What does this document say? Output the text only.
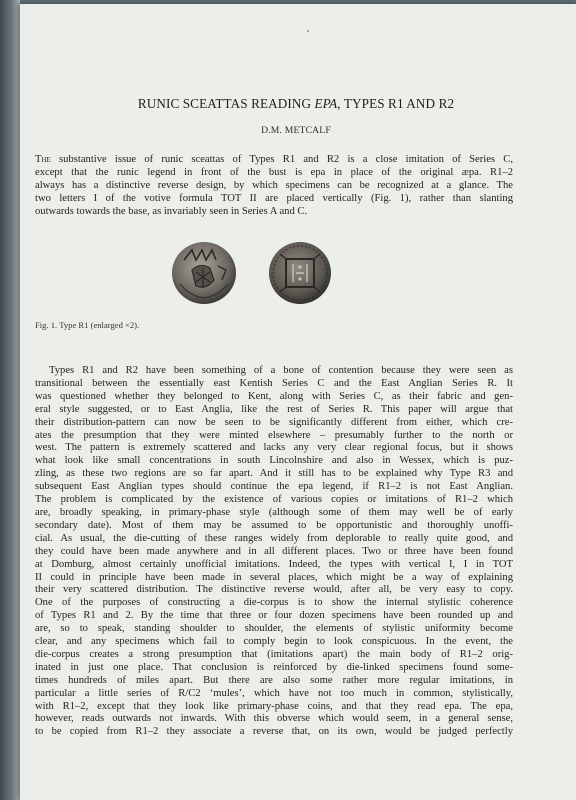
RUNIC SCEATTAS READING EPA, TYPES R1 AND R2
D.M. METCALF
The substantive issue of runic sceattas of Types R1 and R2 is a close imitation of Series C,
except that the runic legend in front of the bust is epa in place of the original æpa. R1–2
always has a distinctive reverse design, by which specimens can be recognized at a glance. The
two letters I of the votive formula TOT II are placed vertically (Fig. 1), rather than slanting
outwards towards the base, as invariably seen in Series A and C.
Fig. 1. Type R1 (enlarged ×2).
Types R1 and R2 have been something of a bone of contention because they were seen as
transitional between the essentially east Kentish Series C and the East Anglian Series R. It
was questioned whether they belonged to Kent, along with Series C, as their fabric and gen-
eral style suggested, or to East Anglia, like the rest of Series R. This paper will argue that
their distribution-pattern can now be seen to be significantly different from either, which cre-
ates the presumption that they were minted elsewhere – presumably further to the north or
west. The pattern is extremely scattered and lacks any very clear regional focus, but it shows
what look like small concentrations in south Lincolnshire and also in Wessex, which is puz-
zling, as these two regions are so far apart. And it still has to be explained why Type R3 and
subsequent East Anglian types should continue the epa legend, if R1–2 is not East Anglian.
The problem is complicated by the existence of various copies or imitations of R1–2 which
are, broadly speaking, in primary-phase style (although some of them may well be of early
secondary date). Most of them may be assumed to be opportunistic and thoroughly unoffi-
cial. As usual, the die-cutting of these ranges widely from deplorable to really quite good, and
they could have been made anywhere and in all different places. Two or three have been found
at Domburg, almost certainly unofficial imitations. Indeed, the types with vertical I, I in TOT
II could in principle have been made in several places, which might be a way of explaining
their very scattered distribution. The distinctive reverse would, after all, be very easy to copy.
One of the purposes of constructing a die-corpus is to show the internal stylistic coherence
of Types R1 and 2. By the time that three or four dozen specimens have been rounded up and
are, so to speak, standing shoulder to shoulder, the elements of stylistic uniformity become
clear, and any specimens which fail to comply begin to look conspicuous. In the event, the
die-corpus creates a strong presumption that (imitations apart) the main body of R1–2 orig-
inated in just one place. That conclusion is reinforced by die-linked specimens found some-
times hundreds of miles apart. But there are also some rather more regular imitations, in
particular a little series of R/C2 ‘mules’, which have not too much in common, stylistically,
with R1–2, except that they look like primary-phase coins, and that they read epa. The epa,
however, reads outwards not inwards. With this obverse which would seem, in a general sense,
to be copied from R1–2 they associate a reverse that, on its own, would be judged perfectly
